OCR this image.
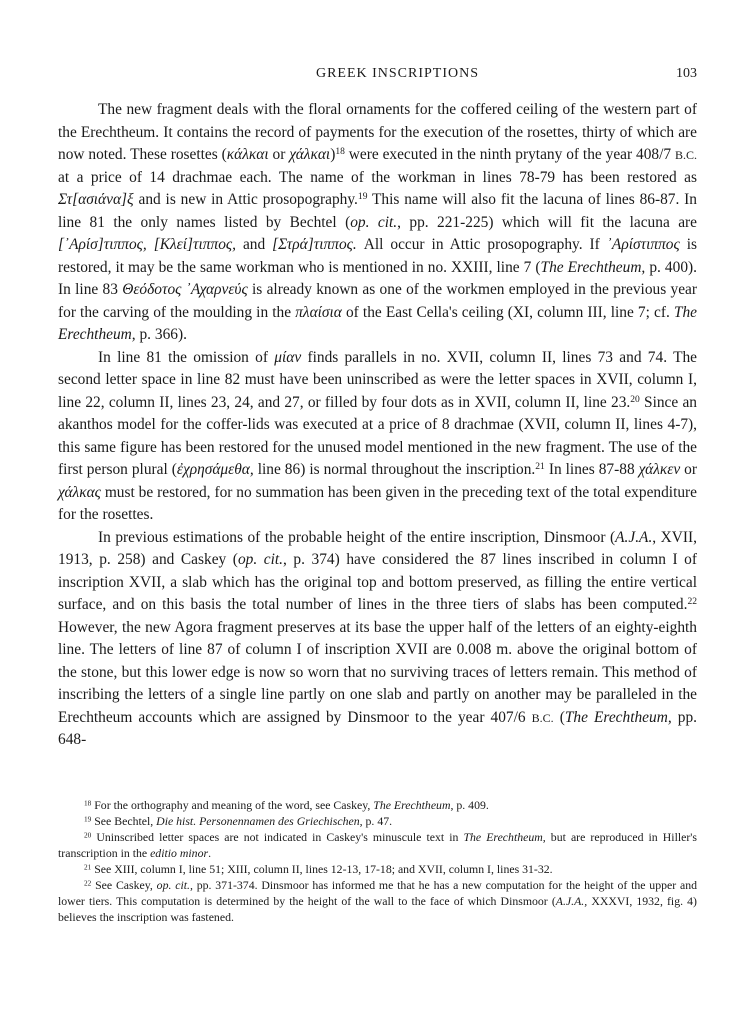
GREEK INSCRIPTIONS	103

The new fragment deals with the floral ornaments for the coffered ceiling of the western part of the Erechtheum. It contains the record of payments for the execution of the rosettes, thirty of which are now noted. These rosettes (κάλκαι or χάλκαι)$^{18}$ were executed in the ninth prytany of the year 408/7 B.C. at a price of 14 drachmae each. The name of the workman in lines 78-79 has been restored as Στ[ασιάνα]ξ and is new in Attic prosopography.$^{19}$ This name will also fit the lacuna of lines 86-87. In line 81 the only names listed by Bechtel (op. cit., pp. 221-225) which will fit the lacuna are [᾿Αρίσ]τιππος, [Κλεί]τιππος, and [Στρά]τιππος. All occur in Attic prosopography. If ᾿Αρίστιππος is restored, it may be the same workman who is mentioned in no. XXIII, line 7 (The Erechtheum, p. 400). In line 83 Θεόδοτος ᾿Αχαρνεύς is already known as one of the workmen employed in the previous year for the carving of the moulding in the πλαίσια of the East Cella's ceiling (XI, column III, line 7; cf. The Erechtheum, p. 366).

In line 81 the omission of μίαν finds parallels in no. XVII, column II, lines 73 and 74. The second letter space in line 82 must have been uninscribed as were the letter spaces in XVII, column I, line 22, column II, lines 23, 24, and 27, or filled by four dots as in XVII, column II, line 23.20 Since an akanthos model for the coffer-lids was executed at a price of 8 drachmae (XVII, column II, lines 4-7), this same figure has been restored for the unused model mentioned in the new fragment. The use of the first person plural (ἐχρησάμεθα, line 86) is normal throughout the inscription.$^{21}$ In lines 87-88 χάλκεν or χάλκας must be restored, for no summation has been given in the preceding text of the total expenditure for the rosettes.

In previous estimations of the probable height of the entire inscription, Dinsmoor (A.J.A., XVII, 1913, p. 258) and Caskey (op. cit., p. 374) have considered the 87 lines inscribed in column I of inscription XVII, a slab which has the original top and bottom preserved, as filling the entire vertical surface, and on this basis the total number of lines in the three tiers of slabs has been computed.$^{22}$ However, the new Agora fragment preserves at its base the upper half of the letters of an eighty-eighth line. The letters of line 87 of column I of inscription XVII are 0.008 m. above the original bottom of the stone, but this lower edge is now so worn that no surviving traces of letters remain. This method of inscribing the letters of a single line partly on one slab and partly on another may be paralleled in the Erechtheum accounts which are assigned by Dinsmoor to the year 407/6 B.C. (The Erechtheum, pp. 648-

$^{18}$ For the orthography and meaning of the word, see Caskey, The Erechtheum, p. 409.

$^{19}$ See Bechtel, Die hist. Personennamen des Griechischen, p. 47.

$^{20}$ Uninscribed letter spaces are not indicated in Caskey's minuscule text in The Erechtheum, but are reproduced in Hiller's transcription in the editio minor.

$^{21}$ See XIII, column I, line 51; XIII, column II, lines 12-13, 17-18; and XVII, column I, lines 31-32.

$^{22}$ See Caskey, op. cit., pp. 371-374. Dinsmoor has informed me that he has a new computation for the height of the upper and lower tiers. This computation is determined by the height of the wall to the face of which Dinsmoor (A.J.A., XXXVI, 1932, fig. 4) believes the inscription was fastened.
